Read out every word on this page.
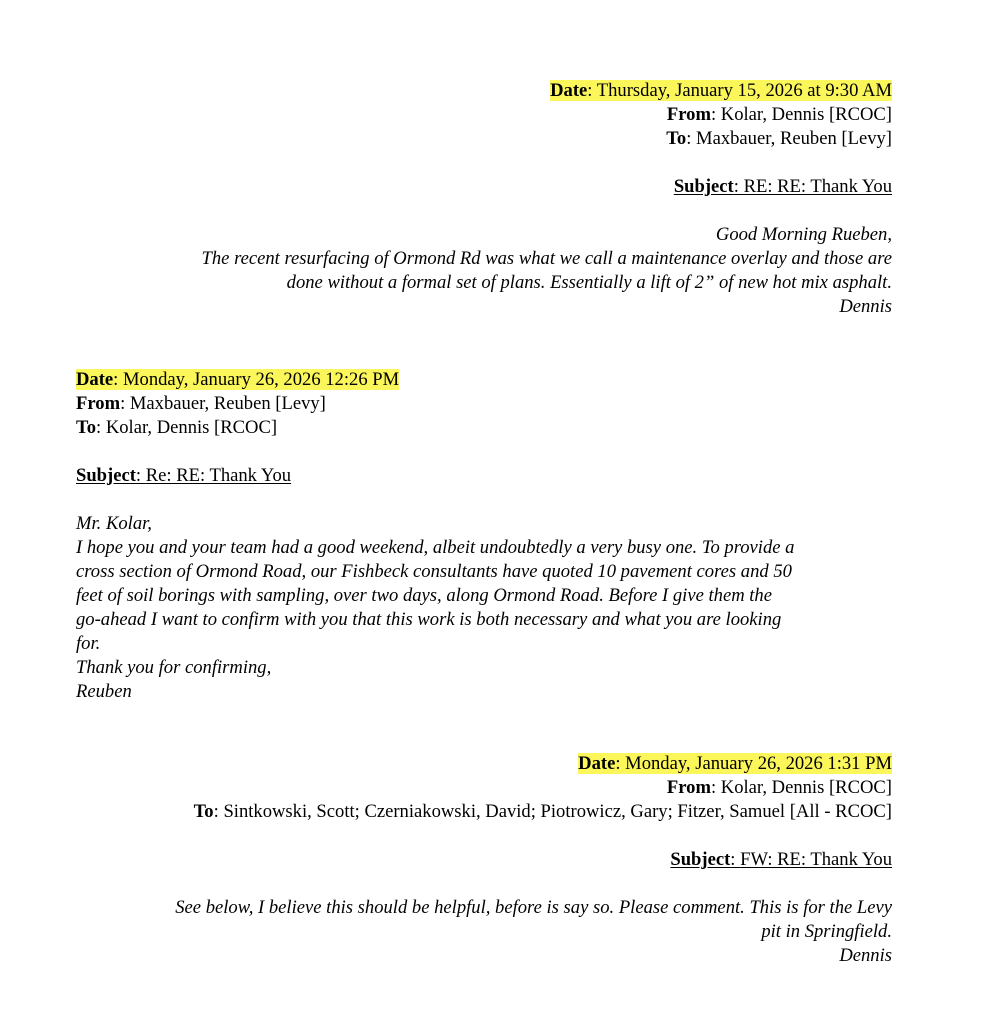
Date: Thursday, January 15, 2026 at 9:30 AM
From: Kolar, Dennis [RCOC]
To: Maxbauer, Reuben [Levy]
Subject: RE: RE: Thank You
Good Morning Rueben,
The recent resurfacing of Ormond Rd was what we call a maintenance overlay and those are
done without a formal set of plans. Essentially a lift of 2” of new hot mix asphalt.
Dennis
Date: Monday, January 26, 2026 12:26 PM
From: Maxbauer, Reuben [Levy]
To: Kolar, Dennis [RCOC]
Subject: Re: RE: Thank You
Mr. Kolar,
I hope you and your team had a good weekend, albeit undoubtedly a very busy one. To provide a
cross section of Ormond Road, our Fishbeck consultants have quoted 10 pavement cores and 50
feet of soil borings with sampling, over two days, along Ormond Road. Before I give them the
go-ahead I want to confirm with you that this work is both necessary and what you are looking
for.
Thank you for confirming,
Reuben
Date: Monday, January 26, 2026 1:31 PM
From: Kolar, Dennis [RCOC]
To: Sintkowski, Scott; Czerniakowski, David; Piotrowicz, Gary; Fitzer, Samuel [All - RCOC]
Subject: FW: RE: Thank You
See below, I believe this should be helpful, before is say so. Please comment. This is for the Levy
pit in Springfield.
Dennis
